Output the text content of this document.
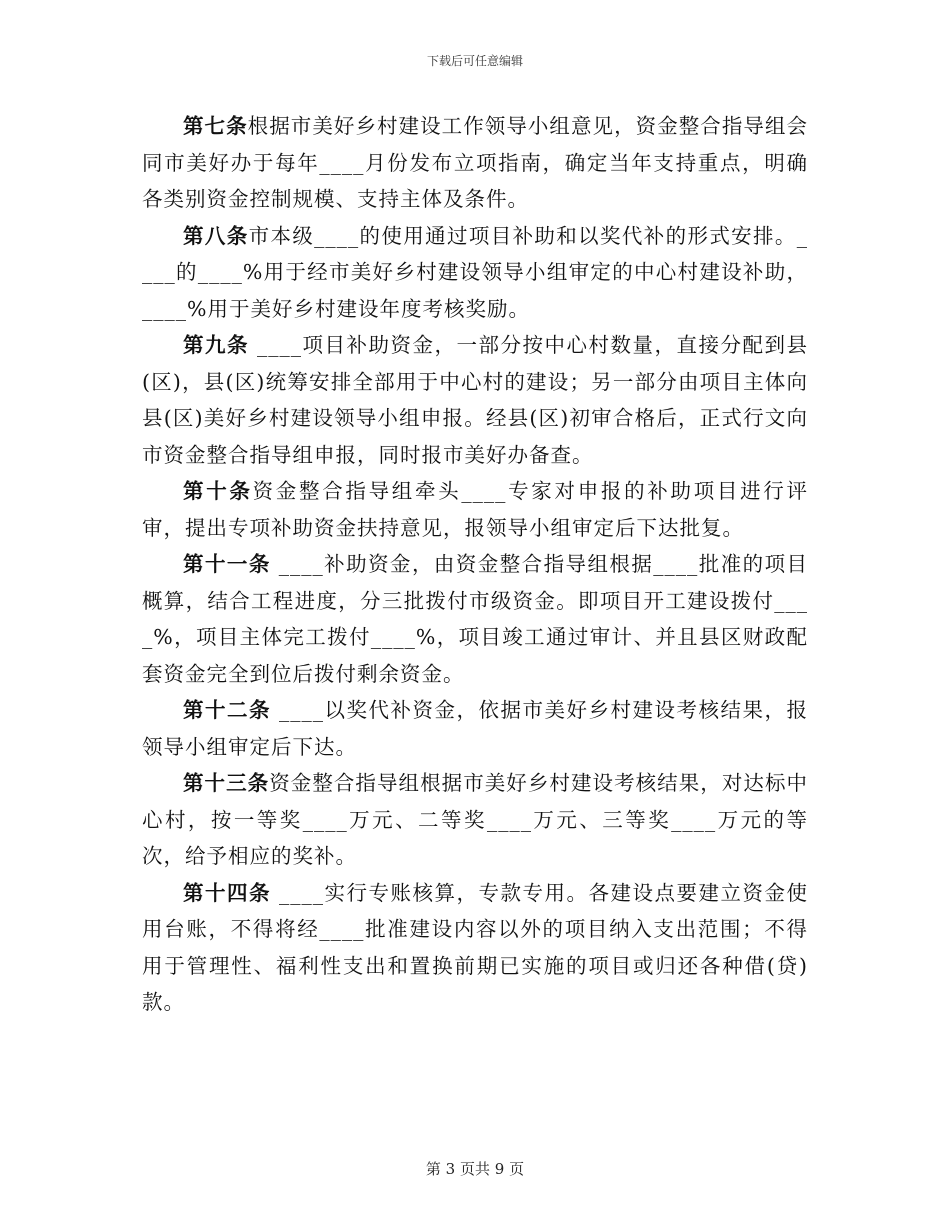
下载后可任意编辑

第七条根据市美好乡村建设工作领导小组意见，资金整合指导组会同市美好办于每年____月份发布立项指南，确定当年支持重点，明确各类别资金控制规模、支持主体及条件。

第八条市本级____的使用通过项目补助和以奖代补的形式安排。____的____%用于经市美好乡村建设领导小组审定的中心村建设补助，____%用于美好乡村建设年度考核奖励。

第九条 ____项目补助资金，一部分按中心村数量，直接分配到县(区)，县(区)统筹安排全部用于中心村的建设；另一部分由项目主体向县(区)美好乡村建设领导小组申报。经县(区)初审合格后，正式行文向市资金整合指导组申报，同时报市美好办备查。

第十条资金整合指导组牵头____专家对申报的补助项目进行评审，提出专项补助资金扶持意见，报领导小组审定后下达批复。

第十一条 ____补助资金，由资金整合指导组根据____批准的项目概算，结合工程进度，分三批拨付市级资金。即项目开工建设拨付____%，项目主体完工拨付____%，项目竣工通过审计、并且县区财政配套资金完全到位后拨付剩余资金。

第十二条 ____以奖代补资金，依据市美好乡村建设考核结果，报领导小组审定后下达。

第十三条资金整合指导组根据市美好乡村建设考核结果，对达标中心村，按一等奖____万元、二等奖____万元、三等奖____万元的等次，给予相应的奖补。

第十四条 ____实行专账核算，专款专用。各建设点要建立资金使用台账，不得将经____批准建设内容以外的项目纳入支出范围；不得用于管理性、福利性支出和置换前期已实施的项目或归还各种借(贷)款。

第 3 页共 9 页
